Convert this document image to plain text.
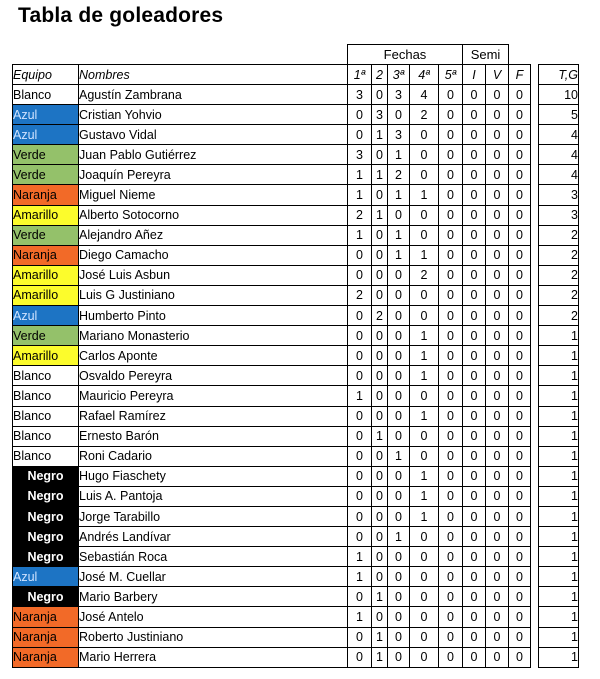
Tabla de goleadores
		Fechas					Semi				
Equipo	Nombres	1ª	2	3ª	4ª	5ª	I	V	F		T,G
Blanco	Agustín Zambrana	3	0	3	4	0	0	0	0		10
Azul	Cristian Yohvio	0	3	0	2	0	0	0	0		5
Azul	Gustavo Vidal	0	1	3	0	0	0	0	0		4
Verde	Juan Pablo Gutiérrez	3	0	1	0	0	0	0	0		4
Verde	Joaquín Pereyra	1	1	2	0	0	0	0	0		4
Naranja	Miguel Nieme	1	0	1	1	0	0	0	0		3
Amarillo	Alberto Sotocorno	2	1	0	0	0	0	0	0		3
Verde	Alejandro Añez	1	0	1	0	0	0	0	0		2
Naranja	Diego Camacho	0	0	1	1	0	0	0	0		2
Amarillo	José Luis Asbun	0	0	0	2	0	0	0	0		2
Amarillo	Luis G Justiniano	2	0	0	0	0	0	0	0		2
Azul	Humberto Pinto	0	2	0	0	0	0	0	0		2
Verde	Mariano Monasterio	0	0	0	1	0	0	0	0		1
Amarillo	Carlos Aponte	0	0	0	1	0	0	0	0		1
Blanco	Osvaldo Pereyra	0	0	0	1	0	0	0	0		1
Blanco	Mauricio Pereyra	1	0	0	0	0	0	0	0		1
Blanco	Rafael Ramírez	0	0	0	1	0	0	0	0		1
Blanco	Ernesto Barón	0	1	0	0	0	0	0	0		1
Blanco	Roni Cadario	0	0	1	0	0	0	0	0		1
Negro	Hugo Fiaschety	0	0	0	1	0	0	0	0		1
Negro	Luis A. Pantoja	0	0	0	1	0	0	0	0		1
Negro	Jorge Tarabillo	0	0	0	1	0	0	0	0		1
Negro	Andrés Landívar	0	0	1	0	0	0	0	0		1
Negro	Sebastián Roca	1	0	0	0	0	0	0	0		1
Azul	José M. Cuellar	1	0	0	0	0	0	0	0		1
Negro	Mario Barbery	0	1	0	0	0	0	0	0		1
Naranja	José Antelo	1	0	0	0	0	0	0	0		1
Naranja	Roberto Justiniano	0	1	0	0	0	0	0	0		1
Naranja	Mario Herrera	0	1	0	0	0	0	0	0		1
